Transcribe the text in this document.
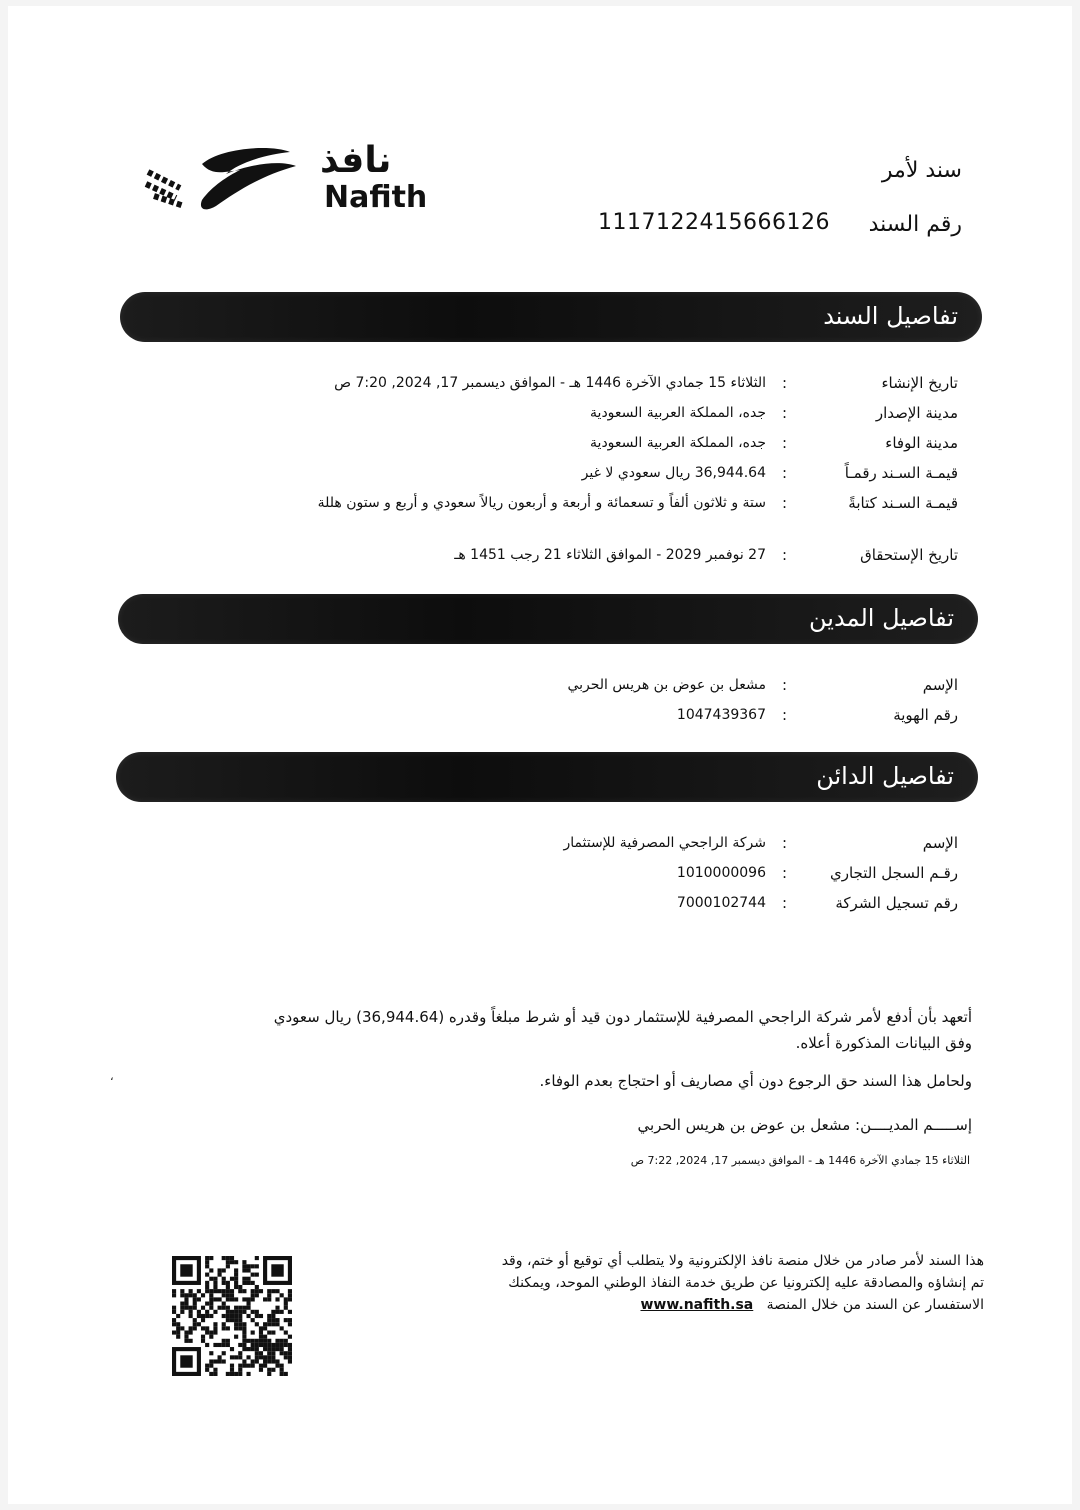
نافذ
Nafith
سند لأمر
رقم السند
1117122415666126
تفاصيل السند
تاريخ الإنشاء
:
الثلاثاء 15 جمادي الآخرة 1446 هـ - الموافق ديسمبر 17, 2024, 7:20 ص
مدينة الإصدار
:
جده، المملكة العربية السعودية
مدينة الوفاء
:
جده، المملكة العربية السعودية
قيمـة السـند رقمـاً
:
36,944.64 ريال سعودي لا غير
قيمـة السـند كتابةً
:
ستة و ثلاثون ألفاً و تسعمائة و أربعة و أربعون ريالاً سعودي و أربع و ستون هللة
تاريخ الإستحقاق
:
27 نوفمبر 2029 - الموافق الثلاثاء 21 رجب 1451 هـ
تفاصيل المدين
الإسم
:
مشعل بن عوض بن هريس الحربي
رقم الهوية
:
1047439367
تفاصيل الدائن
الإسم
:
شركة الراجحي المصرفية للإستثمار
رقـم السجل التجاري
:
1010000096
رقم تسجيل الشركة
:
7000102744
أتعهد بأن أدفع لأمر شركة الراجحي المصرفية للإستثمار دون قيد أو شرط مبلغاً وقدره (36,944.64) ريال سعودي
وفق البيانات المذكورة أعلاه.
ولحامل هذا السند حق الرجوع دون أي مصاريف أو احتجاج بعدم الوفاء.
،
إســـــم المديــــن: مشعل بن عوض بن هريس الحربي
الثلاثاء 15 جمادي الآخرة 1446 هـ - الموافق ديسمبر 17, 2024, 7:22 ص
هذا السند لأمر صادر من خلال منصة نافذ الإلكترونية ولا يتطلب أي توقيع أو ختم، وقد
تم إنشاؤه والمصادقة عليه إلكترونيا عن طريق خدمة النفاذ الوطني الموحد، ويمكنك
الاستفسار عن السند من خلال المنصة   www.nafith.sa
